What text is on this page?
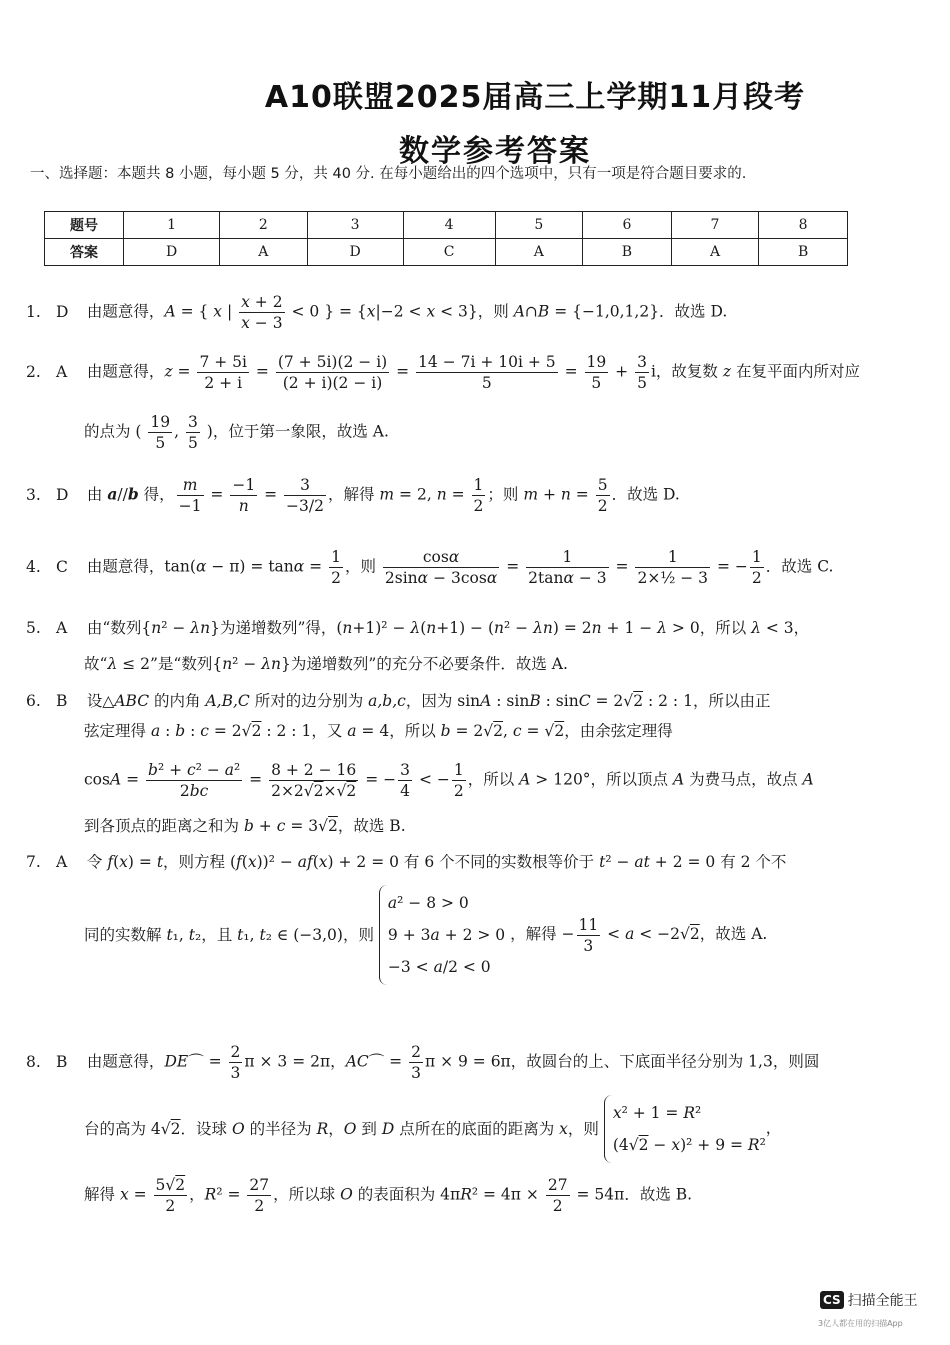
A10联盟2025届高三上学期11月段考
数学参考答案
一、选择题：本题共 8 小题，每小题 5 分，共 40 分. 在每小题给出的四个选项中，只有一项是符合题目要求的.
题号	1	2	3	4	5	6	7	8
答案	D	A	D	C	A	B	A	B
1. D 由题意得，A = { x | $\frac{x + 2}{x - 3} < 0$ } = {x|−2 < x < 3}，则 A∩B = {−1,0,1,2}．故选 D.
2. A 由题意得，$z = \frac{7 + 5i}{2 + i} = \frac{(7 + 5i)(2 - i)}{(2 + i)(2 - i)} = \frac{14 - 7i + 10i + 5}{5} = \frac{19}{5} + \frac{3}{5}$ i，故复数 z 在复平面内所对应
的点为 ( $\frac{19}{5}$ , $\frac{3}{5}$ )，位于第一象限，故选 A.
3. D 由 a//b 得， $\frac{m}{-1} = \frac{-1}{n} = \frac{3}{-3/2}$ ，解得 m = 2, $n = \frac{1}{2}$ ；则 $m + n = \frac{5}{2}$ ．故选 D.
4. C 由题意得，$\tan(\alpha - \pi) = \tan\alpha = \frac{1}{2}$ ，则 $\frac{\cos\alpha}{2\sin\alpha - 3\cos\alpha} = \frac{1}{2\tan\alpha - 3} = \frac{1}{\text{2×½ − 3}}$ = − $\frac{1}{2}$ ．故选 C.
5. A 由“数列{n² − λn}为递增数列”得，(n+1)² − λ(n+1) − (n² − λn) = 2n + 1 − λ > 0，所以 λ < 3，
故“λ ≤ 2”是“数列{n² − λn}为递增数列”的充分不必要条件．故选 A.
6. B 设△ABC 的内角 A,B,C 所对的边分别为 a,b,c，因为 sinA : sinB : sinC = 2√2 : 2 : 1，所以由正
弦定理得 a : b : c = 2√2 : 2 : 1，又 a = 4，所以 b = 2√2, c = √2，由余弦定理得
$\cos A = \frac{\text{b² + c² − a²}}{2bc} = \frac{8 + 2 - 16}{2\times 2√2\times√2}$ = − $\frac{3}{4}$ < − $\frac{1}{2}$ ，所以 A > 120°，所以顶点 A 为费马点，故点 A
到各顶点的距离之和为 b + c = 3√2，故选 B.
7. A 令 f(x) = t，则方程 (f(x))² − af(x) + 2 = 0 有 6 个不同的实数根等价于 t² − at + 2 = 0 有 2 个不
同的实数解 t₁, t₂，且 t₁, t₂ ∈ (−3,0)，则
a² − 8 > 0
9 + 3a + 2 > 0
−3 < a/2 < 0
，解得 − $\frac{11}{3} < a < -2√2$，故选 A.
8. B 由题意得，DE⌒ = $\frac{2}{3}$ π × 3 = 2π，AC⌒ = $\frac{2}{3}$ π × 9 = 6π，故圆台的上、下底面半径分别为 1,3，则圆
台的高为 4√2．设球 O 的半径为 R，O 到 D 点所在的底面的距离为 x，则
x² + 1 = R²
(4√2 − x)² + 9 = R²
，
解得 $x = \frac{5√2}{2}$ ，$R^2 = \frac{27}{2}$ ，所以球 O 的表面积为 $4\pi R^2 = 4\pi \times \frac{27}{2} = 54\pi$．故选 B.
CS 扫描全能王
3亿人都在用的扫描App
